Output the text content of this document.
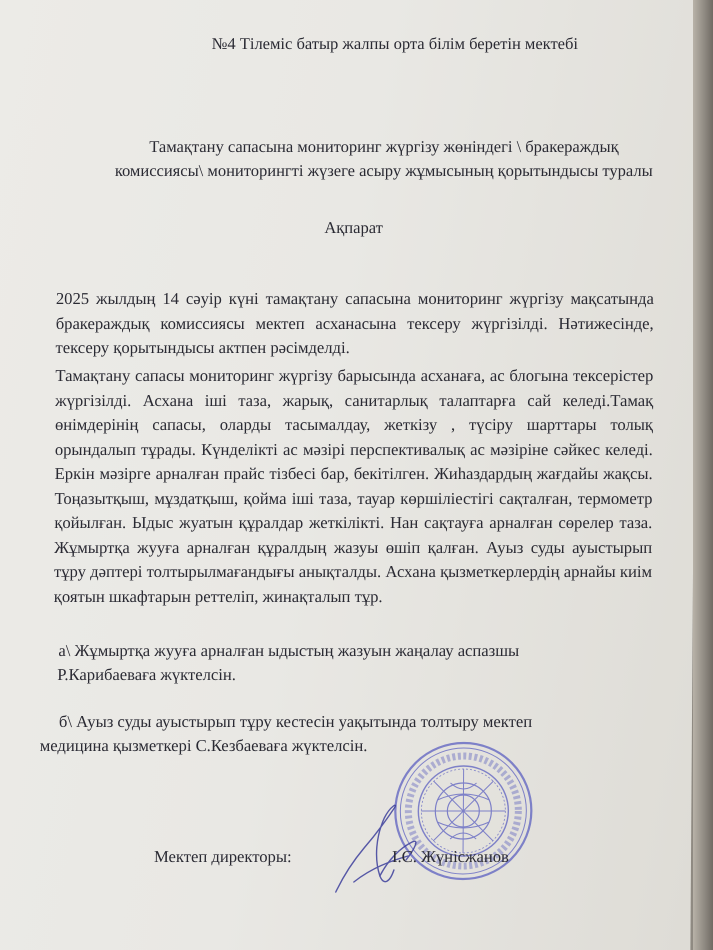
№4 Тілеміс батыр жалпы орта білім беретін мектебі
Тамақтану сапасына мониторинг жүргізу жөніндегі \ бракераждық
комиссиясы\ мониторингті жүзеге асыру жұмысының қорытындысы туралы
Ақпарат
2025 жылдың 14 сәуір күні тамақтану сапасына мониторинг жүргізу мақсатында бракераждық комиссиясы мектеп асханасына тексеру жүргізілді. Нәтижесінде, тексеру қорытындысы актпен рәсімделді.
Тамақтану сапасы мониторинг жүргізу барысында асханаға, ас блогына тексерістер жүргізілді. Асхана іші таза, жарық, санитарлық талаптарға сай келеді.Тамақ өнімдерінің сапасы, оларды тасымалдау, жеткізу , түсіру шарттары толық орындалып тұрады. Күнделікті ас мәзірі перспективалық ас мәзіріне сәйкес келеді. Еркін мәзірге арналған прайс тізбесі бар, бекітілген. Жиһаздардың жағдайы жақсы. Тоңазытқыш, мұздатқыш, қойма іші таза, тауар көршіліестігі сақталған, термометр қойылған. Ыдыс жуатын құралдар жеткілікті. Нан сақтауға арналған сөрелер таза. Жұмыртқа жууға арналған құралдың жазуы өшіп қалған. Ауыз суды ауыстырып тұру дәптері толтырылмағандығы анықталды. Асхана қызметкерлердің арнайы киім қоятын шкафтарын реттеліп, жинақталып тұр.
а\ Жұмыртқа жууға арналған ыдыстың жазуын жаңалау аспазшы
Р.Карибаеваға жүктелсін.
б\ Ауыз суды ауыстырып тұру кестесін уақытында толтыру мектеп
медицина қызметкері С.Кезбаеваға жүктелсін.
Мектеп директоры:	І.С. Жүнісжанов
